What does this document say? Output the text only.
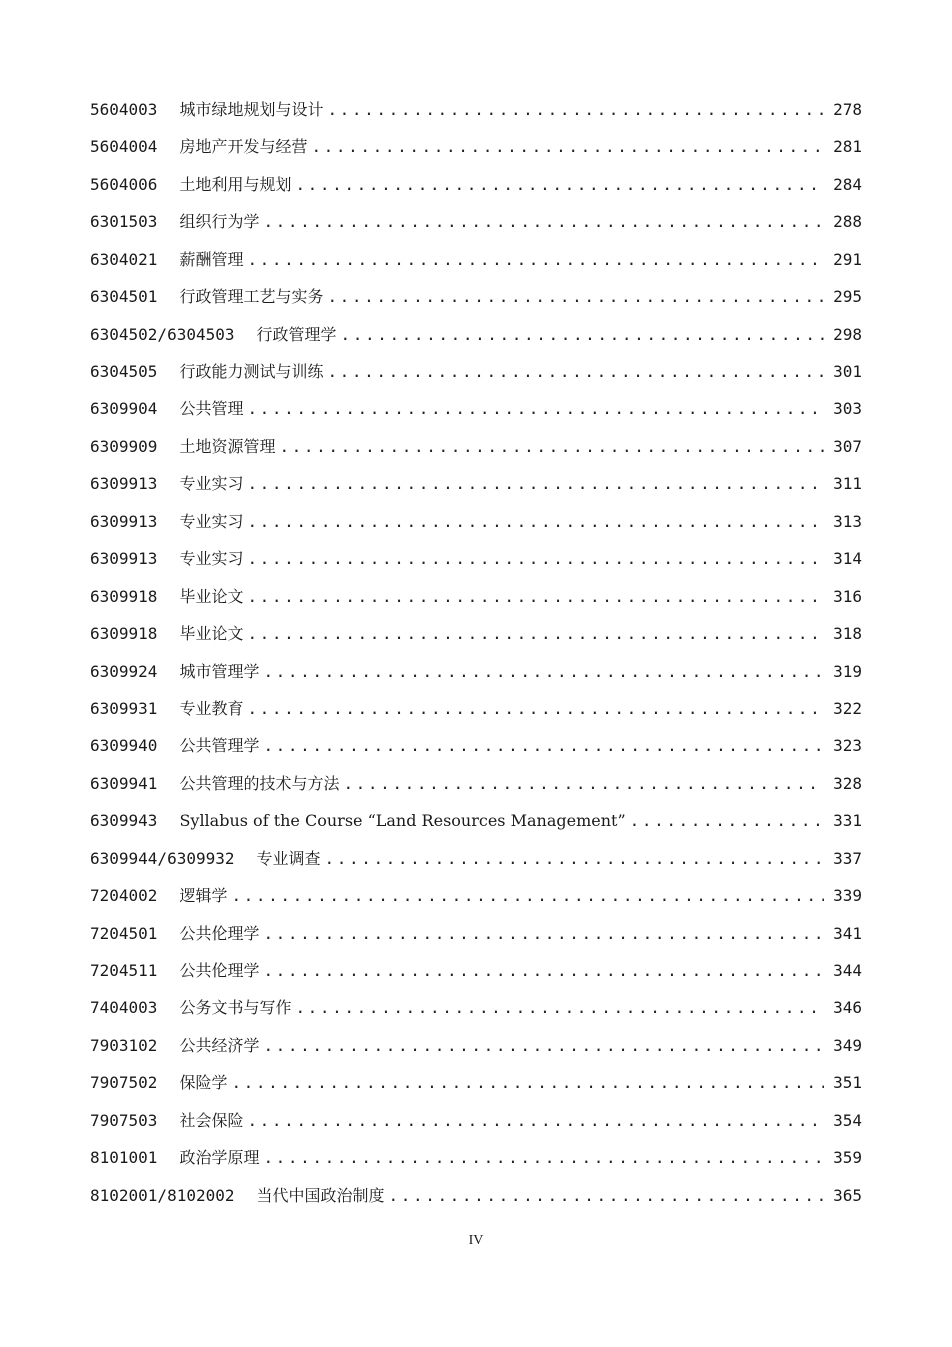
5604003 城市绿地规划与设计 .....	278
5604004 房地产开发与经营 .....	281
5604006 土地利用与规划 .....	284
6301503 组织行为学 .....	288
6304021 薪酬管理 .....	291
6304501 行政管理工艺与实务 .....	295
6304502/6304503 行政管理学 .....	298
6304505 行政能力测试与训练 .....	301
6309904 公共管理 .....	303
6309909 土地资源管理 .....	307
6309913 专业实习 .....	311
6309913 专业实习 .....	313
6309913 专业实习 .....	314
6309918 毕业论文 .....	316
6309918 毕业论文 .....	318
6309924 城市管理学 .....	319
6309931 专业教育 .....	322
6309940 公共管理学 .....	323
6309941 公共管理的技术与方法 .....	328
6309943 Syllabus of the Course “Land Resources Management” .....	331
6309944/6309932 专业调查 .....	337
7204002 逻辑学 .....	339
7204501 公共伦理学 .....	341
7204511 公共伦理学 .....	344
7404003 公务文书与写作 .....	346
7903102 公共经济学 .....	349
7907502 保险学 .....	351
7907503 社会保险 .....	354
8101001 政治学原理 .....	359
8102001/8102002 当代中国政治制度 .....	365
IV
